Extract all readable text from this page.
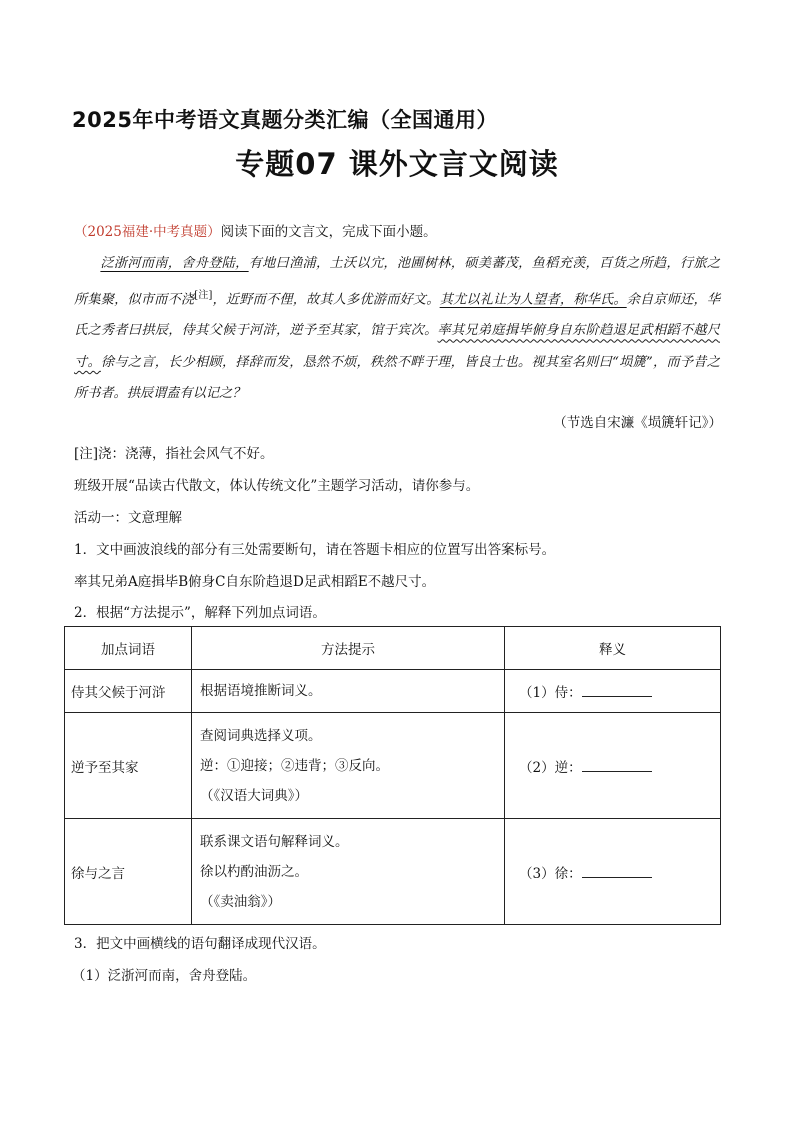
2025年中考语文真题分类汇编（全国通用）
专题07 课外文言文阅读
（2025福建·中考真题）阅读下面的文言文，完成下面小题。

泛浙河而南，舍舟登陆，有地曰渔浦，土沃以宂，池圃树林，硕美蕃茂，鱼稻充羡，百货之所趋，行旅之所集聚，似市而不浇[注]，近野而不俚，故其人多优游而好文。其尤以礼让为人望者，称华氏。余自京师还，华氏之秀者曰拱辰，侍其父候于河浒，逆予至其家，馆于宾次。率其兄弟庭揖毕俯身自东阶趋退足武相蹈不越尺寸。徐与之言，长少相顾，择辞而发，恳然不烦，秩然不畔于理，皆良士也。视其室名则曰“埙篪”，而予昔之所书者。拱辰谓盍有以记之？

（节选自宋濂《埙篪轩记》）
[注]浇：浇薄，指社会风气不好。
班级开展“品读古代散文，体认传统文化”主题学习活动，请你参与。
活动一：文意理解
1．文中画波浪线的部分有三处需要断句，请在答题卡相应的位置写出答案标号。
率其兄弟A庭揖毕B俯身C自东阶趋退D足武相蹈E不越尺寸。
2．根据“方法提示”，解释下列加点词语。
加点词语	方法提示	释义
侍其父候于河浒	根据语境推断词义。	（1）侍：
逆予至其家	查阅词典选择义项。
逆：①迎接；②违背；③反向。
（《汉语大词典》）	（2）逆：
徐与之言	联系课文语句解释词义。
徐以杓酌油沥之。
（《卖油翁》）	（3）徐：
3．把文中画横线的语句翻译成现代汉语。
（1）泛浙河而南，舍舟登陆。
